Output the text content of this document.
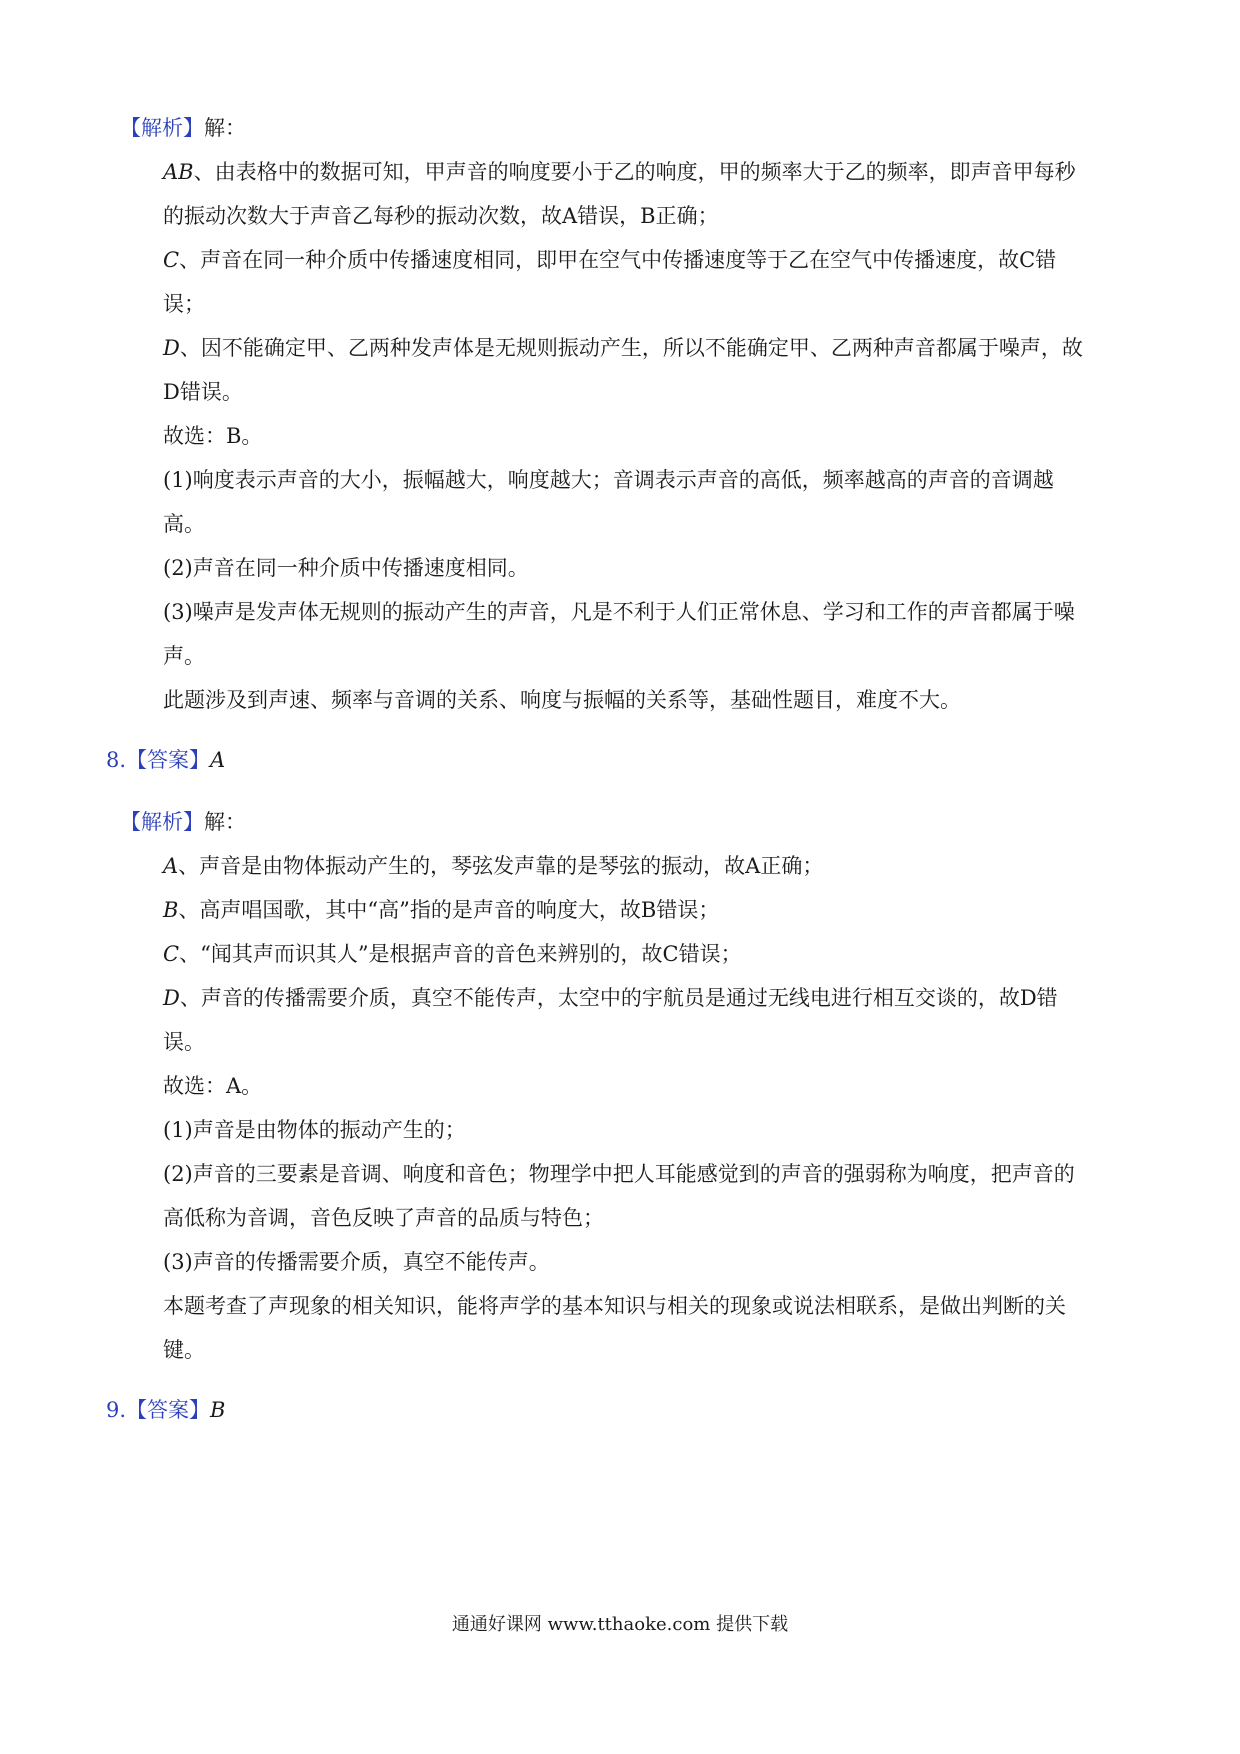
【解析】解：
AB、由表格中的数据可知，甲声音的响度要小于乙的响度，甲的频率大于乙的频率，即声音甲每秒
的振动次数大于声音乙每秒的振动次数，故A错误，B正确；
C、声音在同一种介质中传播速度相同，即甲在空气中传播速度等于乙在空气中传播速度，故C错
误；
D、因不能确定甲、乙两种发声体是无规则振动产生，所以不能确定甲、乙两种声音都属于噪声，故
D错误。
故选：B。
(1)响度表示声音的大小，振幅越大，响度越大；音调表示声音的高低，频率越高的声音的音调越
高。
(2)声音在同一种介质中传播速度相同。
(3)噪声是发声体无规则的振动产生的声音，凡是不利于人们正常休息、学习和工作的声音都属于噪
声。
此题涉及到声速、频率与音调的关系、响度与振幅的关系等，基础性题目，难度不大。
8.【答案】A
【解析】解：
A、声音是由物体振动产生的，琴弦发声靠的是琴弦的振动，故A正确；
B、高声唱国歌，其中“高”指的是声音的响度大，故B错误；
C、“闻其声而识其人”是根据声音的音色来辨别的，故C错误；
D、声音的传播需要介质，真空不能传声，太空中的宇航员是通过无线电进行相互交谈的，故D错
误。
故选：A。
(1)声音是由物体的振动产生的；
(2)声音的三要素是音调、响度和音色；物理学中把人耳能感觉到的声音的强弱称为响度，把声音的
高低称为音调，音色反映了声音的品质与特色；
(3)声音的传播需要介质，真空不能传声。
本题考查了声现象的相关知识，能将声学的基本知识与相关的现象或说法相联系，是做出判断的关
键。
9.【答案】B
通通好课网 www.tthaoke.com 提供下载
